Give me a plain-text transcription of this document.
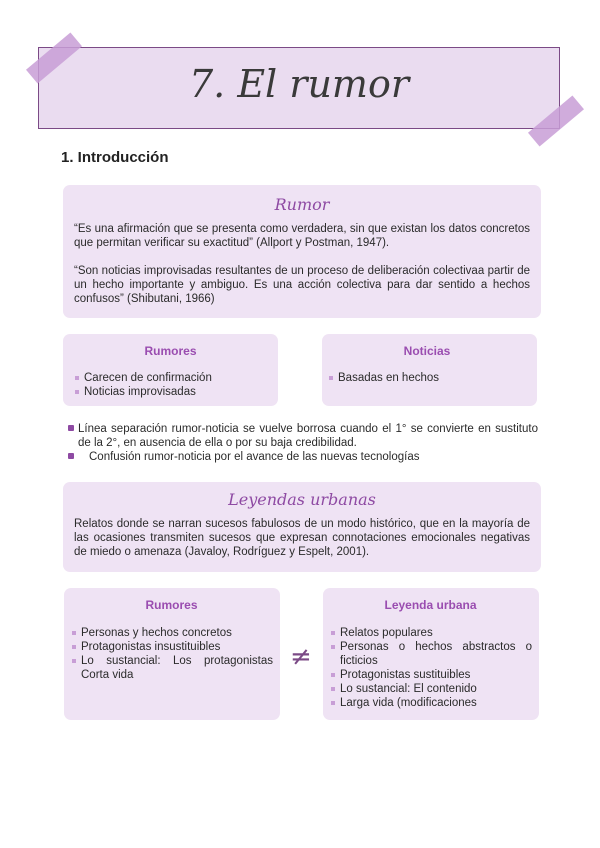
7. El rumor
1. Introducción
Rumor

“Es una afirmación que se presenta como verdadera, sin que existan los datos concretos que permitan verificar su exactitud” (Allport y Postman, 1947).

“Son noticias improvisadas resultantes de un proceso de deliberación colectivaa partir de un hecho importante y ambiguo. Es una acción colectiva para dar sentido a hechos confusos” (Shibutani, 1966)

Rumores
Carecen de confirmación
Noticias improvisadas
Noticias
Basadas en hechos
Línea separación rumor-noticia se vuelve borrosa cuando el 1° se convierte en sustituto de la 2°, en ausencia de ella o por su baja credibilidad.
Confusión rumor-noticia por el avance de las nuevas tecnologías
Leyendas urbanas
Relatos donde se narran sucesos fabulosos de un modo histórico, que en la mayoría de las ocasiones transmiten sucesos que expresan connotaciones emocionales negativas de miedo o amenaza (Javaloy, Rodríguez y Espelt, 2001).
Rumores
Personas y hechos concretos
Protagonistas insustituibles
Lo sustancial: Los protagonistas Corta vida
≠
Leyenda urbana
Relatos populares
Personas o hechos abstractos o ficticios
Protagonistas sustituibles
Lo sustancial: El contenido
Larga vida (modificaciones
